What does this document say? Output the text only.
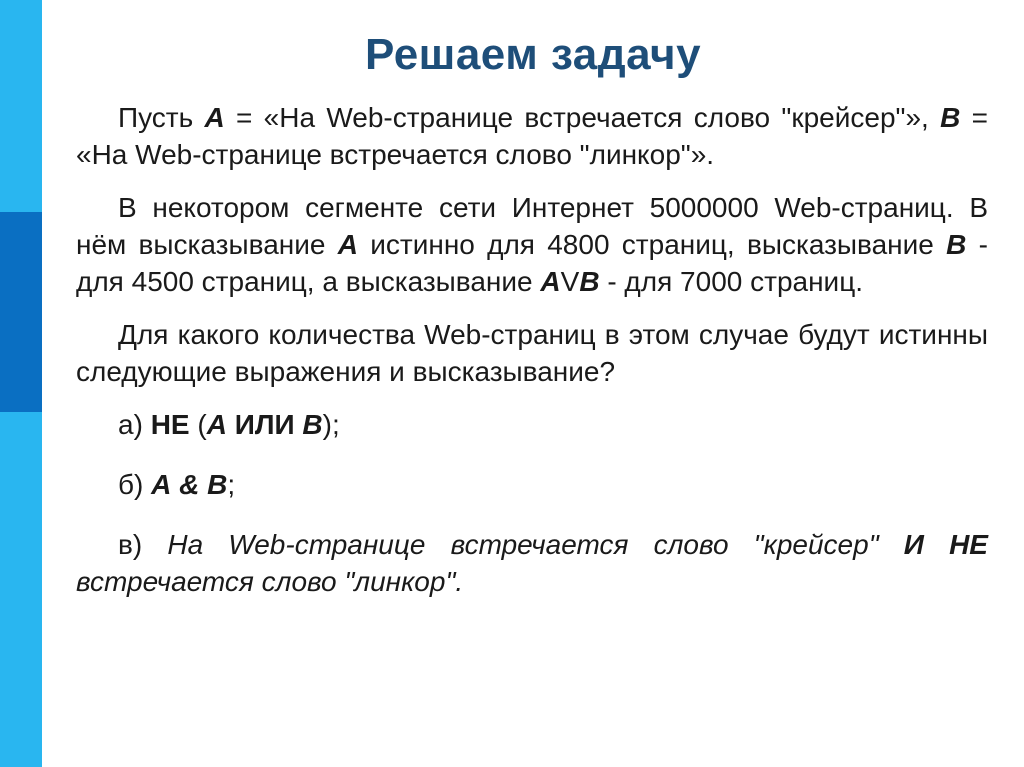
Решаем задачу

Пусть А = «На Web-странице встречается слово "крейсер"», В = «На Web-странице встречается слово "линкор"».

В некотором сегменте сети Интернет 5000000 Web-страниц. В нём высказывание А истинно для 4800 страниц, высказывание В - для 4500 страниц, а высказывание АVВ - для 7000 страниц.

Для какого количества Web-страниц в этом случае будут истинны следующие выражения и высказывание?

а) НЕ (А ИЛИ В);

б) А & В;

в) На Web-странице встречается слово "крейсер" И НЕ встречается слово "линкор".
